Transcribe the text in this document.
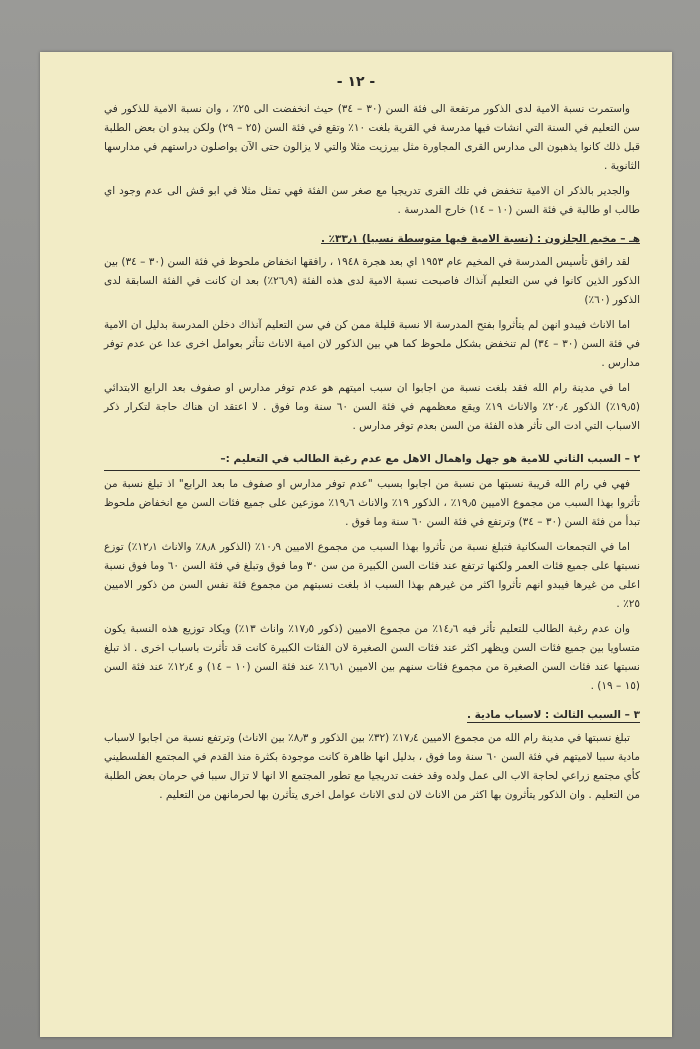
- ١٢ -

واستمرت نسبة الامية لدى الذكور مرتفعة الى فئة السن (٣٠ – ٣٤) حيث انخفضت الى ٢٥٪ ، وان نسبة الامية للذكور في سن التعليم في السنة التي انشات فيها مدرسة في القرية بلغت ١٠٪ وتقع في فئة السن (٢٥ – ٢٩) ولكن يبدو ان بعض الطلبة قبل ذلك كانوا يذهبون الى مدارس القرى المجاورة مثل بيرزيت مثلا والتي لا يزالون حتى الآن يواصلون دراستهم في مدارسها الثانوية .

والجدير بالذكر ان الامية تنخفض في تلك القرى تدريجيا مع صغر سن الفئة فهي تمثل مثلا في ابو قش الى عدم وجود اي طالب او طالبة في فئة السن (١٠ – ١٤) خارج المدرسة .

هـ – مخيم الجلزون : (نسبة الامية فيها متوسطة نسبيا) ٣٣٫١٪ .

لقد رافق تأسيس المدرسة في المخيم عام ١٩٥٣ اي بعد هجرة ١٩٤٨ ، رافقها انخفاض ملحوظ في فئة السن (٣٠ – ٣٤) بين الذكور الذين كانوا في سن التعليم آنذاك فاصبحت نسبة الامية لدى هذه الفئة (٢٦٫٩٪) بعد ان كانت في الفئة السابقة لدى الذكور (٦٠٪)

اما الاناث فيبدو انهن لم يتأثروا بفتح المدرسة الا نسبة قليلة ممن كن في سن التعليم آنذاك دخلن المدرسة بدليل ان الامية في فئة السن (٣٠ – ٣٤) لم تنخفض بشكل ملحوظ كما هي بين الذكور لان امية الاناث تتأثر بعوامل اخرى عدا عن عدم توفر مدارس .

اما في مدينة رام الله فقد بلغت نسبة من اجابوا ان سبب اميتهم هو عدم توفر مدارس او صفوف بعد الرابع الابتدائي (١٩٫٥٪) الذكور ٢٠٫٤٪ والاناث ١٩٪ ويقع معظمهم في فئة السن ٦٠ سنة وما فوق . لا اعتقد ان هناك حاجة لتكرار ذكر الاسباب التي ادت الى تأثر هذه الفئة من السن بعدم توفر مدارس .

٢ – السبب الثاني للامية هو جهل واهمال الاهل مع عدم رغبة الطالب في التعليم :–

فهي في رام الله قريبة نسبتها من نسبة من اجابوا بسبب "عدم توفر مدارس او صفوف ما بعد الرابع" اذ تبلغ نسبة من تأثروا بهذا السبب من مجموع الاميين ١٩٫٥٪ ، الذكور ١٩٪ والاناث ١٩٫٦٪ موزعين على جميع فئات السن مع انخفاض ملحوظ تبدأ من فئة السن (٣٠ – ٣٤) وترتفع في فئة السن ٦٠ سنة وما فوق .

اما في التجمعات السكانية فتبلغ نسبة من تأثروا بهذا السبب من مجموع الاميين ١٠٫٩٪ (الذكور ٨٫٨٪ والاناث ١٢٫١٪) توزع نسبتها على جميع فئات العمر ولكنها ترتفع عند فئات السن الكبيرة من سن ٣٠ وما فوق وتبلغ في فئة السن ٦٠ وما فوق نسبة اعلى من غيرها فيبدو انهم تأثروا اكثر من غيرهم بهذا السبب اذ بلغت نسبتهم من مجموع فئة نفس السن من ذكور الاميين ٢٥٪ .

وان عدم رغبة الطالب للتعليم تأثر فيه ١٤٫٦٪ من مجموع الاميين (ذكور ١٧٫٥٪ واناث ١٣٪) ويكاد توزيع هذه النسبة يكون متساويا بين جميع فئات السن ويظهر اكثر عند فئات السن الصغيرة لان الفئات الكبيرة كانت قد تأثرت باسباب اخرى . اذ تبلغ نسبتها عند فئات السن الصغيرة من مجموع فئات سنهم بين الاميين ١٦٫١٪ عند فئة السن (١٠ – ١٤) و ١٢٫٤٪ عند فئة السن (١٥ – ١٩) .

٣ – السبب الثالث : لاسباب مادية .

تبلغ نسبتها في مدينة رام الله من مجموع الاميين ١٧٫٤٪ (٣٢٪ بين الذكور و ٨٫٣٪ بين الاناث) وترتفع نسبة من اجابوا لاسباب مادية سببا لاميتهم في فئة السن ٦٠ سنة وما فوق ، بدليل انها ظاهرة كانت موجودة بكثرة منذ القدم في المجتمع الفلسطيني كأي مجتمع زراعي لحاجة الاب الى عمل ولده وقد خفت تدريجيا مع تطور المجتمع الا انها لا تزال سببا في حرمان بعض الطلبة من التعليم . وان الذكور يتأثرون بها اكثر من الاناث لان لدى الاناث عوامل اخرى يتأثرن بها لحرمانهن من التعليم .
